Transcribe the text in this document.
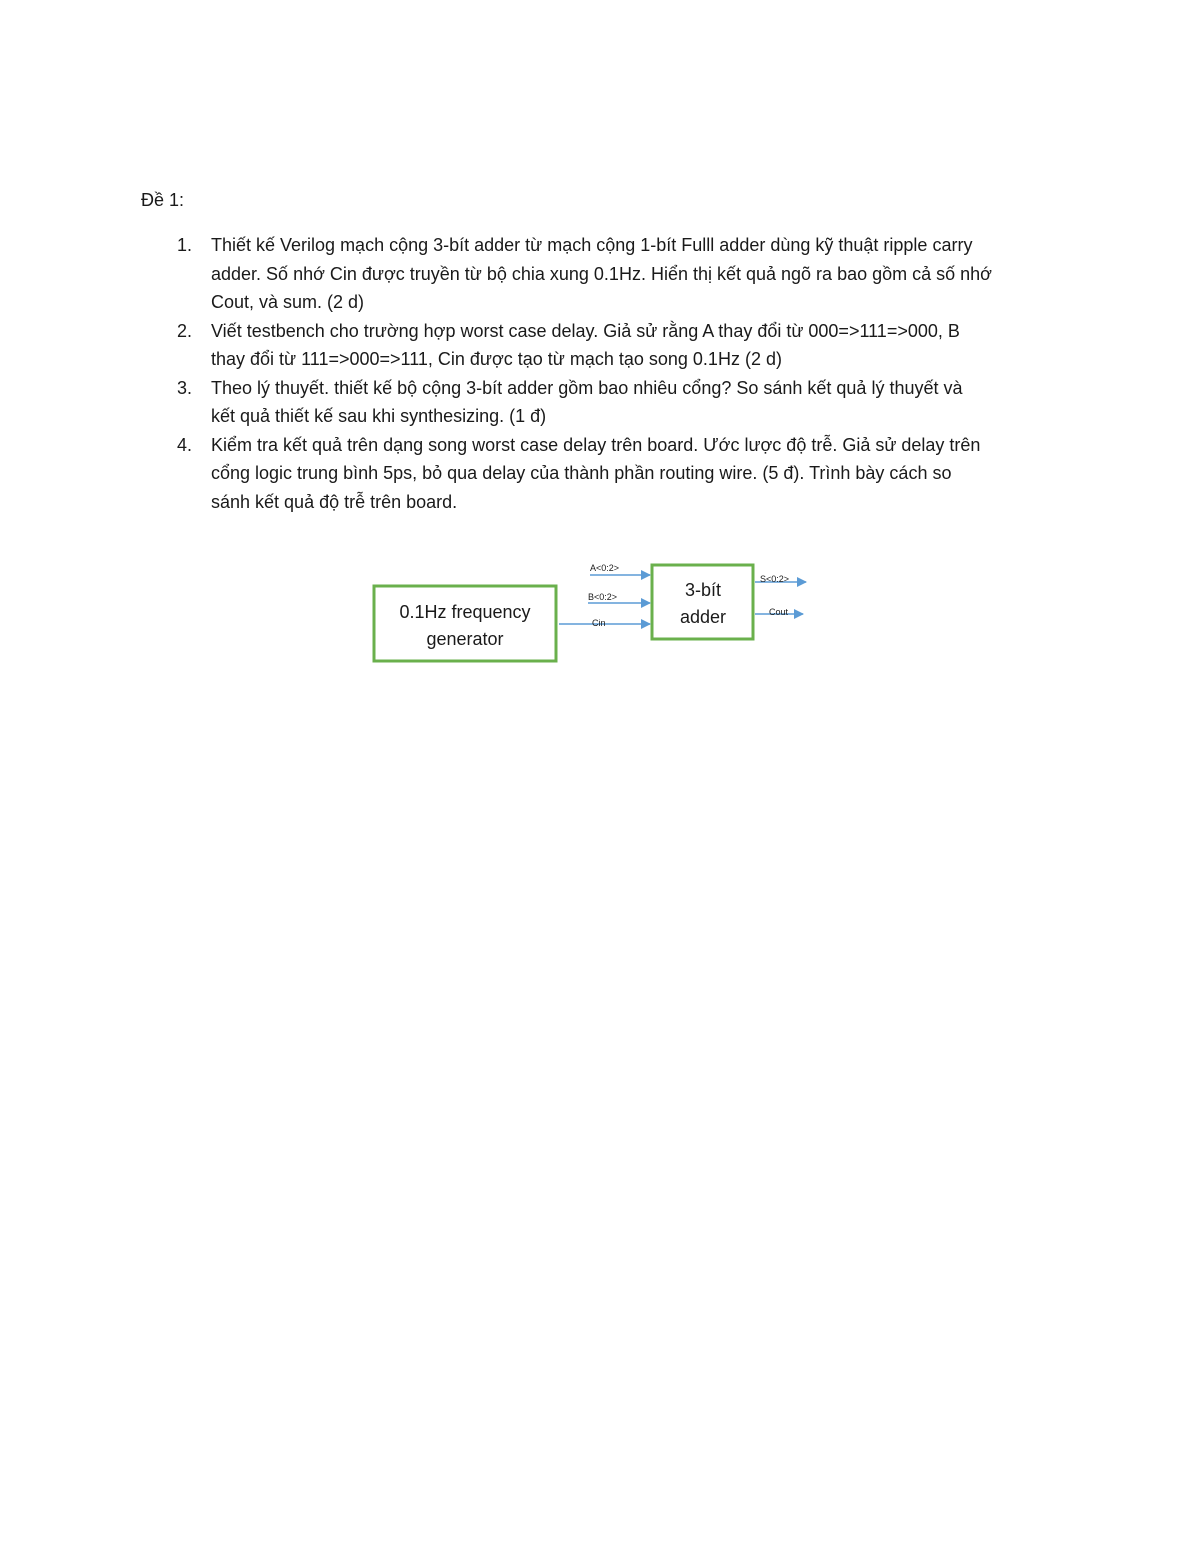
Đề 1:
1. Thiết kế Verilog mạch cộng 3-bít adder từ mạch cộng 1-bít Fulll adder dùng kỹ thuật ripple carry
adder. Số nhớ Cin được truyền từ bộ chia xung 0.1Hz. Hiển thị kết quả ngõ ra bao gồm cả số nhớ
Cout, và sum. (2 d)
2. Viết testbench cho trường hợp worst case delay. Giả sử rằng A thay đổi từ 000=>111=>000, B
thay đổi từ 111=>000=>111, Cin được tạo từ mạch tạo song 0.1Hz (2 d)
3. Theo lý thuyết. thiết kế bộ cộng 3-bít adder gồm bao nhiêu cổng? So sánh kết quả lý thuyết và
kết quả thiết kế sau khi synthesizing. (1 đ)
4. Kiểm tra kết quả trên dạng song worst case delay trên board. Ước lược độ trễ. Giả sử delay trên
cổng logic trung bình 5ps, bỏ qua delay của thành phần routing wire. (5 đ). Trình bày cách so
sánh kết quả độ trễ trên board.
0.1Hz frequency
generator
3-bít
adder
A<0:2>
B<0:2>
Cin
S<0:2>
Cout
